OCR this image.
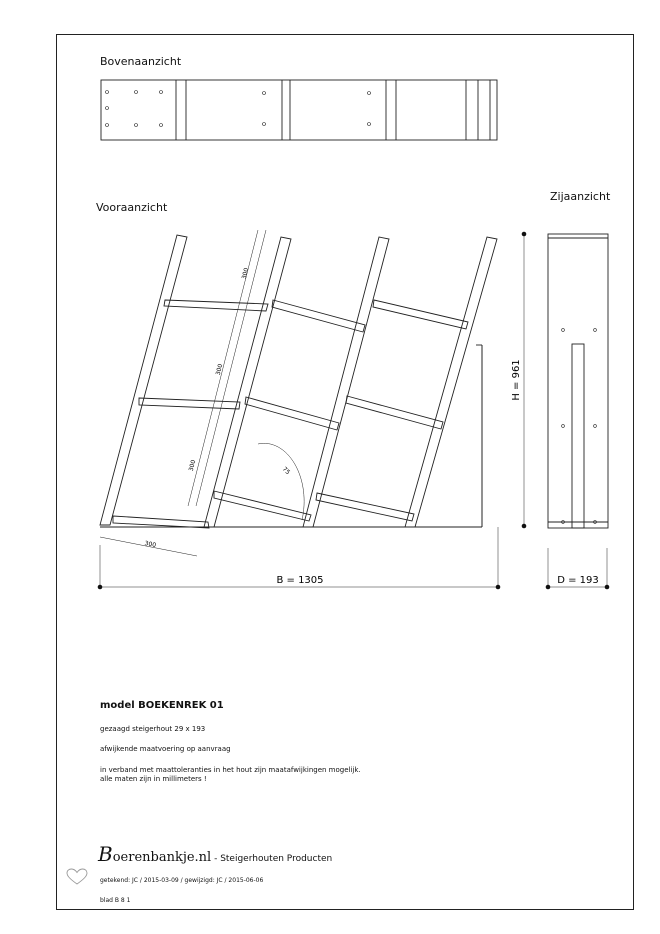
B = 1305	D = 193
H = 961
300
300
300
300
75
Bovenaanzicht
Vooraanzicht
Zijaanzicht
model BOEKENREK 01
gezaagd steigerhout 29 x 193
afwijkende maatvoering op aanvraag
in verband met maattoleranties in het hout zijn maatafwijkingen mogelijk.
alle maten zijn in millimeters !
Boerenbankje.nl - Steigerhouten Producten
getekend: JC / 2015-03-09 / gewijzigd: JC / 2015-06-06
blad B 8 1
